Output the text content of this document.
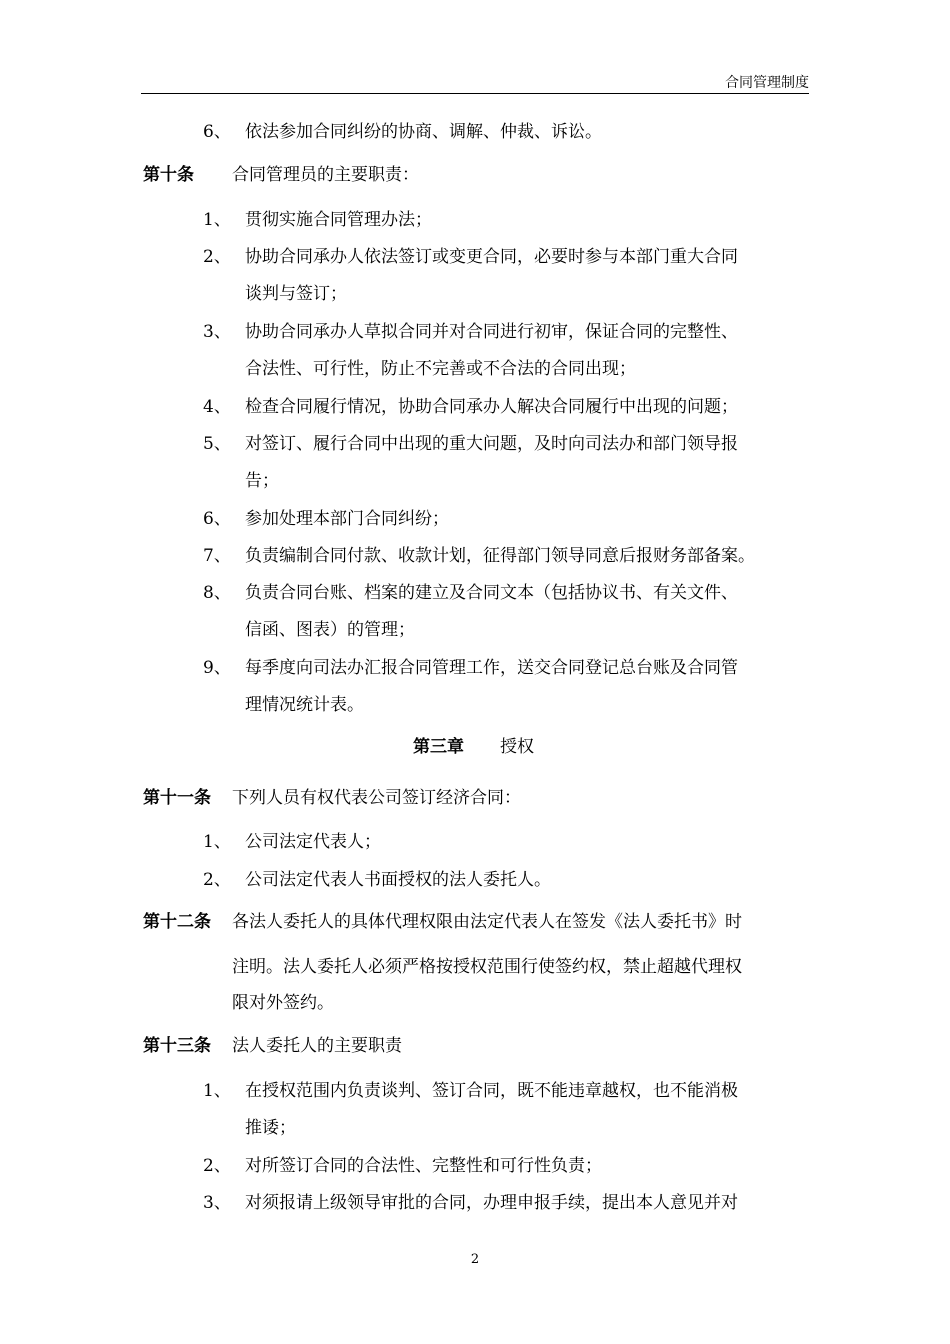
合同管理制度
6、 依法参加合同纠纷的协商、调解、仲裁、诉讼。
第十条 合同管理员的主要职责：
1、 贯彻实施合同管理办法；
2、 协助合同承办人依法签订或变更合同，必要时参与本部门重大合同
谈判与签订；
3、 协助合同承办人草拟合同并对合同进行初审，保证合同的完整性、
合法性、可行性，防止不完善或不合法的合同出现；
4、 检查合同履行情况，协助合同承办人解决合同履行中出现的问题；
5、 对签订、履行合同中出现的重大问题，及时向司法办和部门领导报
告；
6、 参加处理本部门合同纠纷；
7、 负责编制合同付款、收款计划，征得部门领导同意后报财务部备案。
8、 负责合同台账、档案的建立及合同文本（包括协议书、有关文件、
信函、图表）的管理；
9、 每季度向司法办汇报合同管理工作，送交合同登记总台账及合同管
理情况统计表。
第三章 授权
第十一条 下列人员有权代表公司签订经济合同：
1、 公司法定代表人；
2、 公司法定代表人书面授权的法人委托人。
第十二条 各法人委托人的具体代理权限由法定代表人在签发《法人委托书》时
注明。法人委托人必须严格按授权范围行使签约权，禁止超越代理权
限对外签约。
第十三条 法人委托人的主要职责
1、 在授权范围内负责谈判、签订合同，既不能违章越权，也不能消极
推诿；
2、 对所签订合同的合法性、完整性和可行性负责；
3、 对须报请上级领导审批的合同，办理申报手续，提出本人意见并对
2
